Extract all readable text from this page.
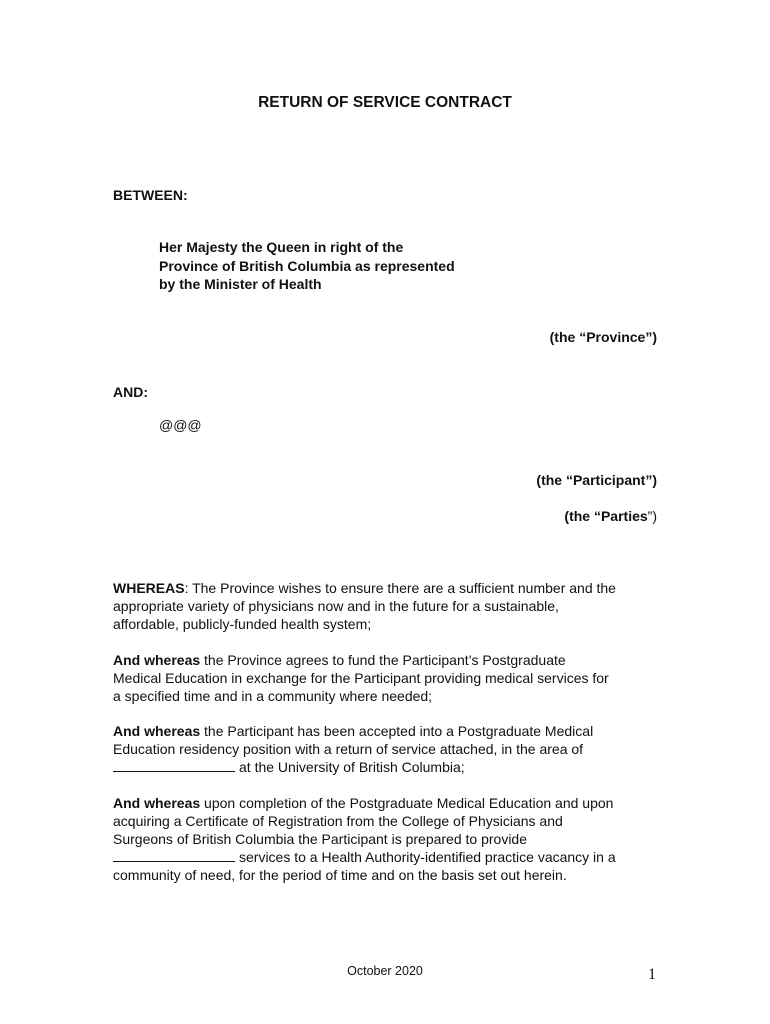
RETURN OF SERVICE CONTRACT
BETWEEN:
Her Majesty the Queen in right of the
Province of British Columbia as represented
by the Minister of Health
(the “Province”)
AND:
@@@
(the “Participant”)
(the “Parties”)
WHEREAS: The Province wishes to ensure there are a sufficient number and the
appropriate variety of physicians now and in the future for a sustainable,
affordable, publicly-funded health system;
And whereas the Province agrees to fund the Participant’s Postgraduate
Medical Education in exchange for the Participant providing medical services for
a specified time and in a community where needed;
And whereas the Participant has been accepted into a Postgraduate Medical
Education residency position with a return of service attached, in the area of
at the University of British Columbia;
And whereas upon completion of the Postgraduate Medical Education and upon
acquiring a Certificate of Registration from the College of Physicians and
Surgeons of British Columbia the Participant is prepared to provide
services to a Health Authority-identified practice vacancy in a
community of need, for the period of time and on the basis set out herein.
October 2020	1
